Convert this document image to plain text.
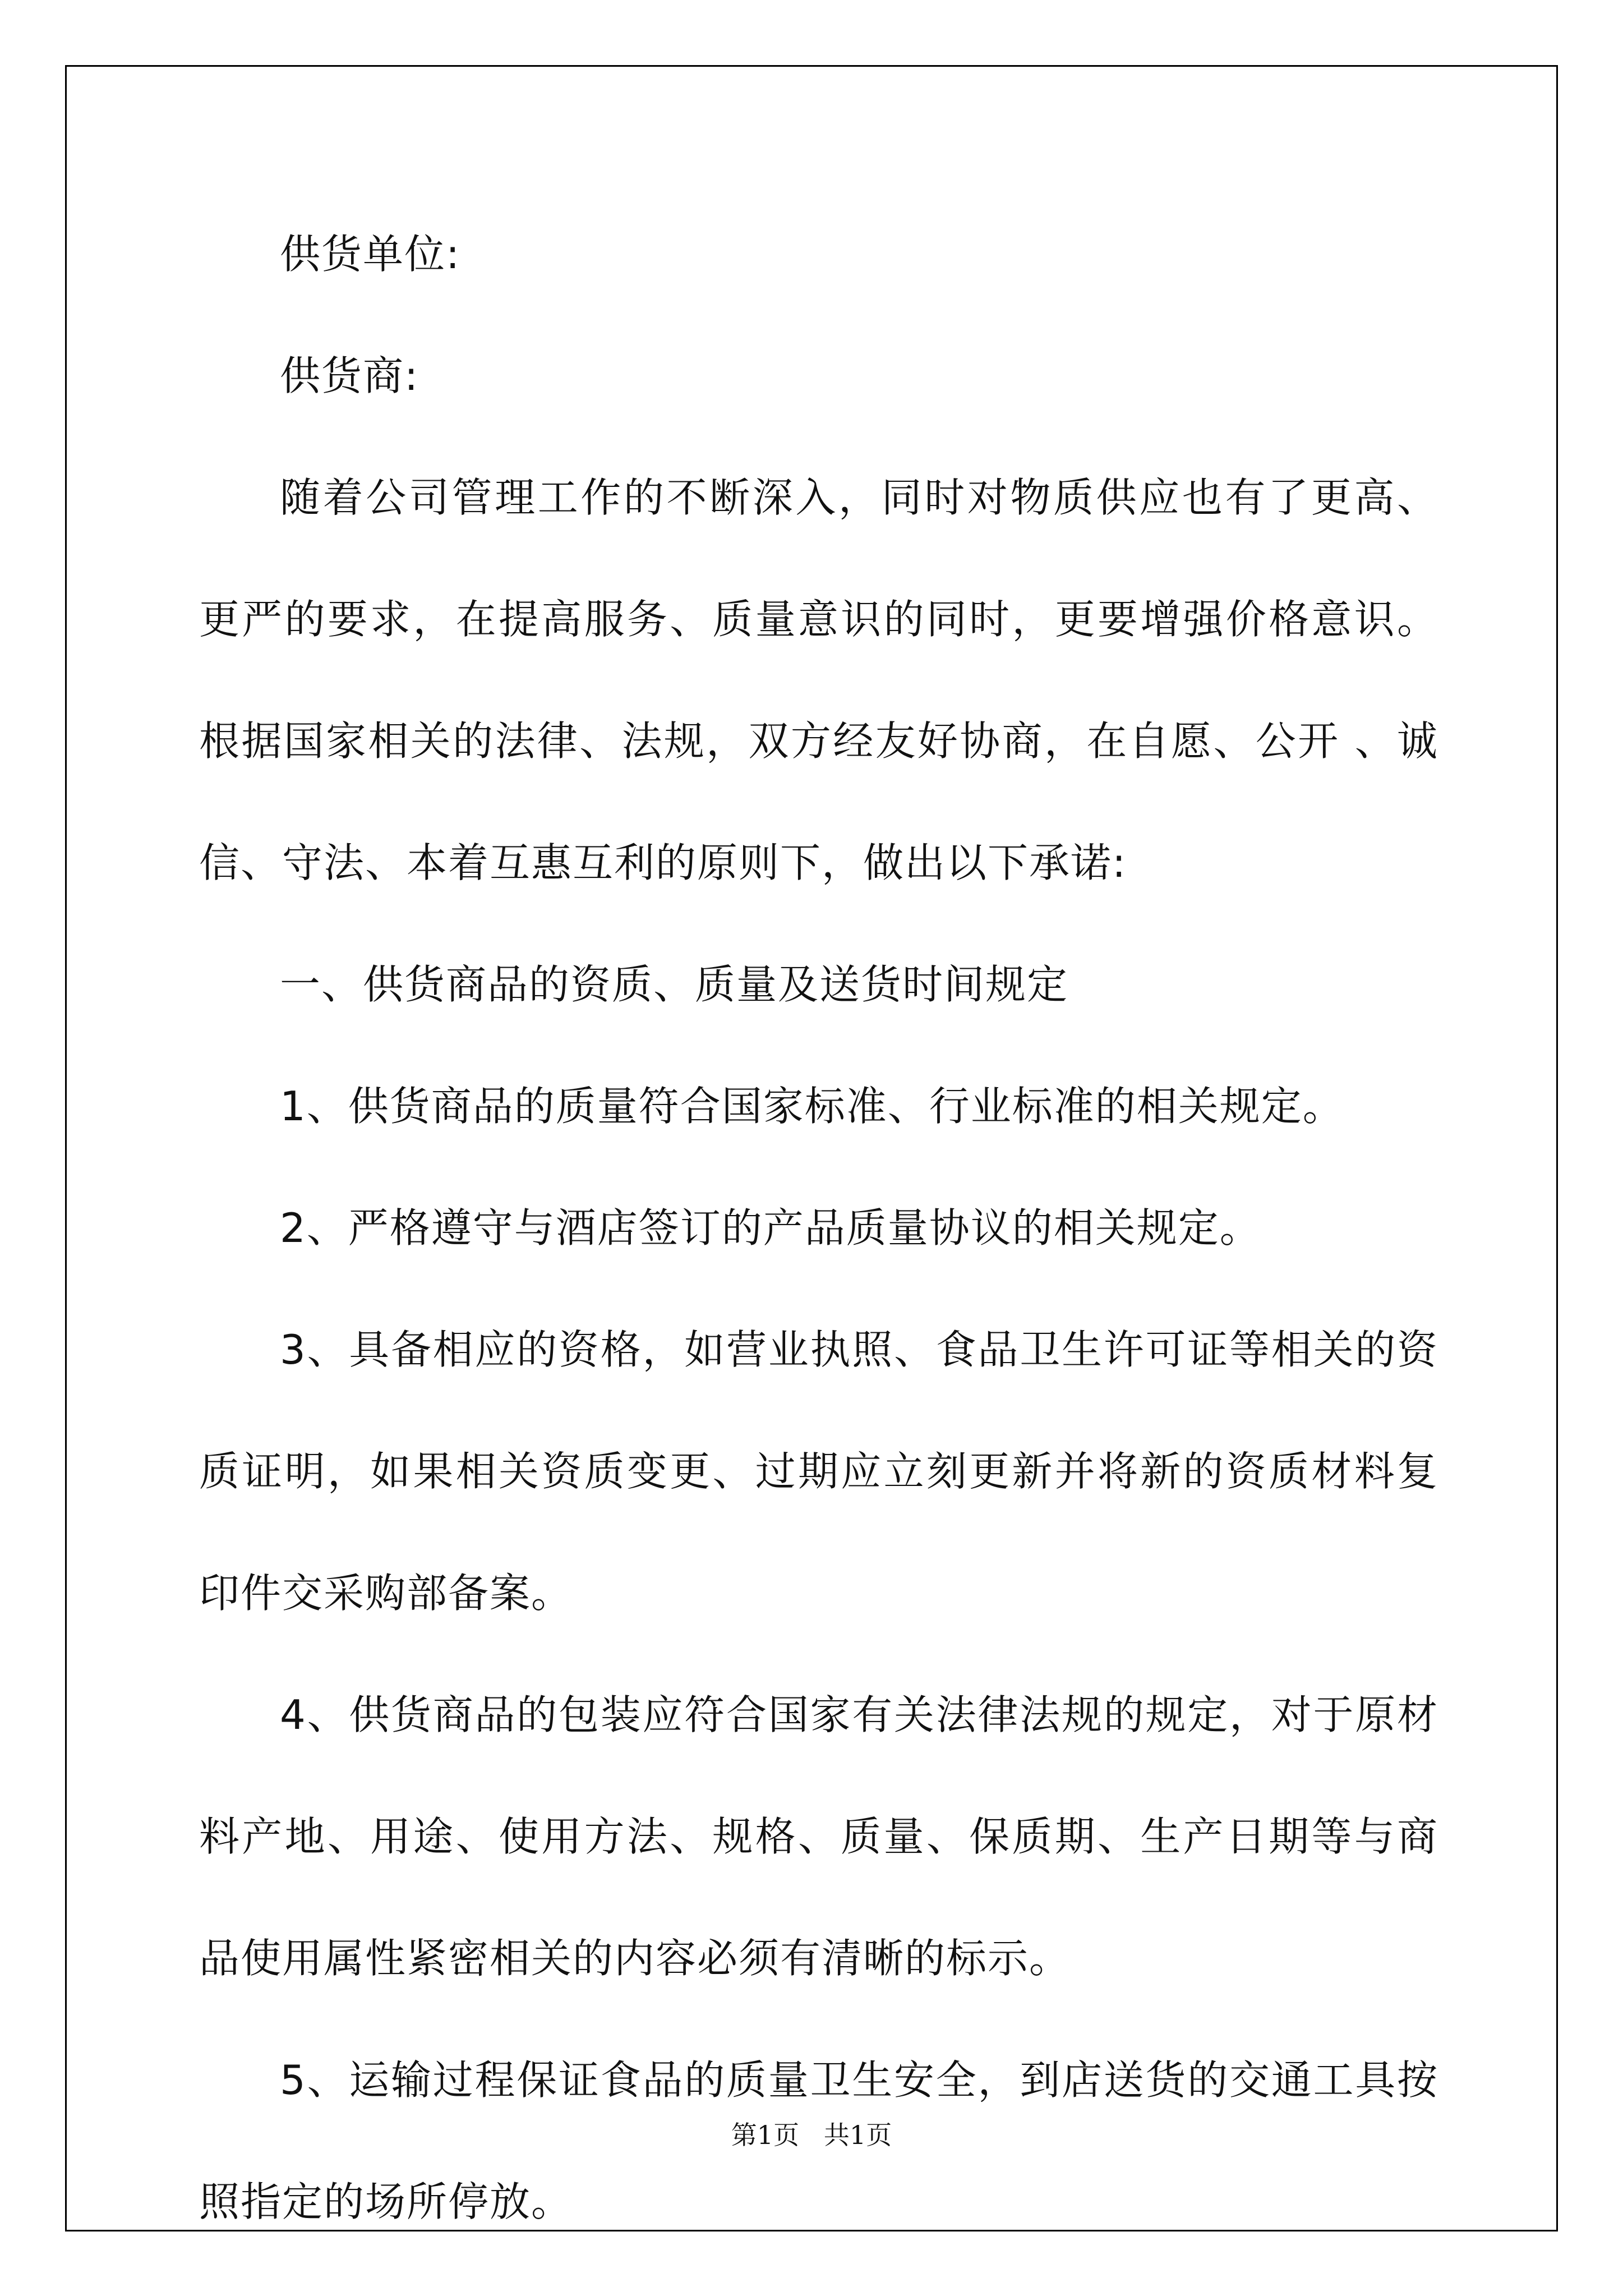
供货单位:

供货商:

随着公司管理工作的不断深入，同时对物质供应也有了更高、更严的要求，在提高服务、质量意识的同时，更要增强价格意识。根据国家相关的法律、法规，双方经友好协商，在自愿、公开 、诚信、守法、本着互惠互利的原则下，做出以下承诺:

一、供货商品的资质、质量及送货时间规定

1、供货商品的质量符合国家标准、行业标准的相关规定。

2、严格遵守与酒店签订的产品质量协议的相关规定。

3、具备相应的资格，如营业执照、食品卫生许可证等相关的资质证明，如果相关资质变更、过期应立刻更新并将新的资质材料复印件交采购部备案。

4、供货商品的包装应符合国家有关法律法规的规定，对于原材料产地、用途、使用方法、规格、质量、保质期、生产日期等与商品使用属性紧密相关的内容必须有清晰的标示。

5、运输过程保证食品的质量卫生安全，到店送货的交通工具按照指定的场所停放。

第1页   共1页
